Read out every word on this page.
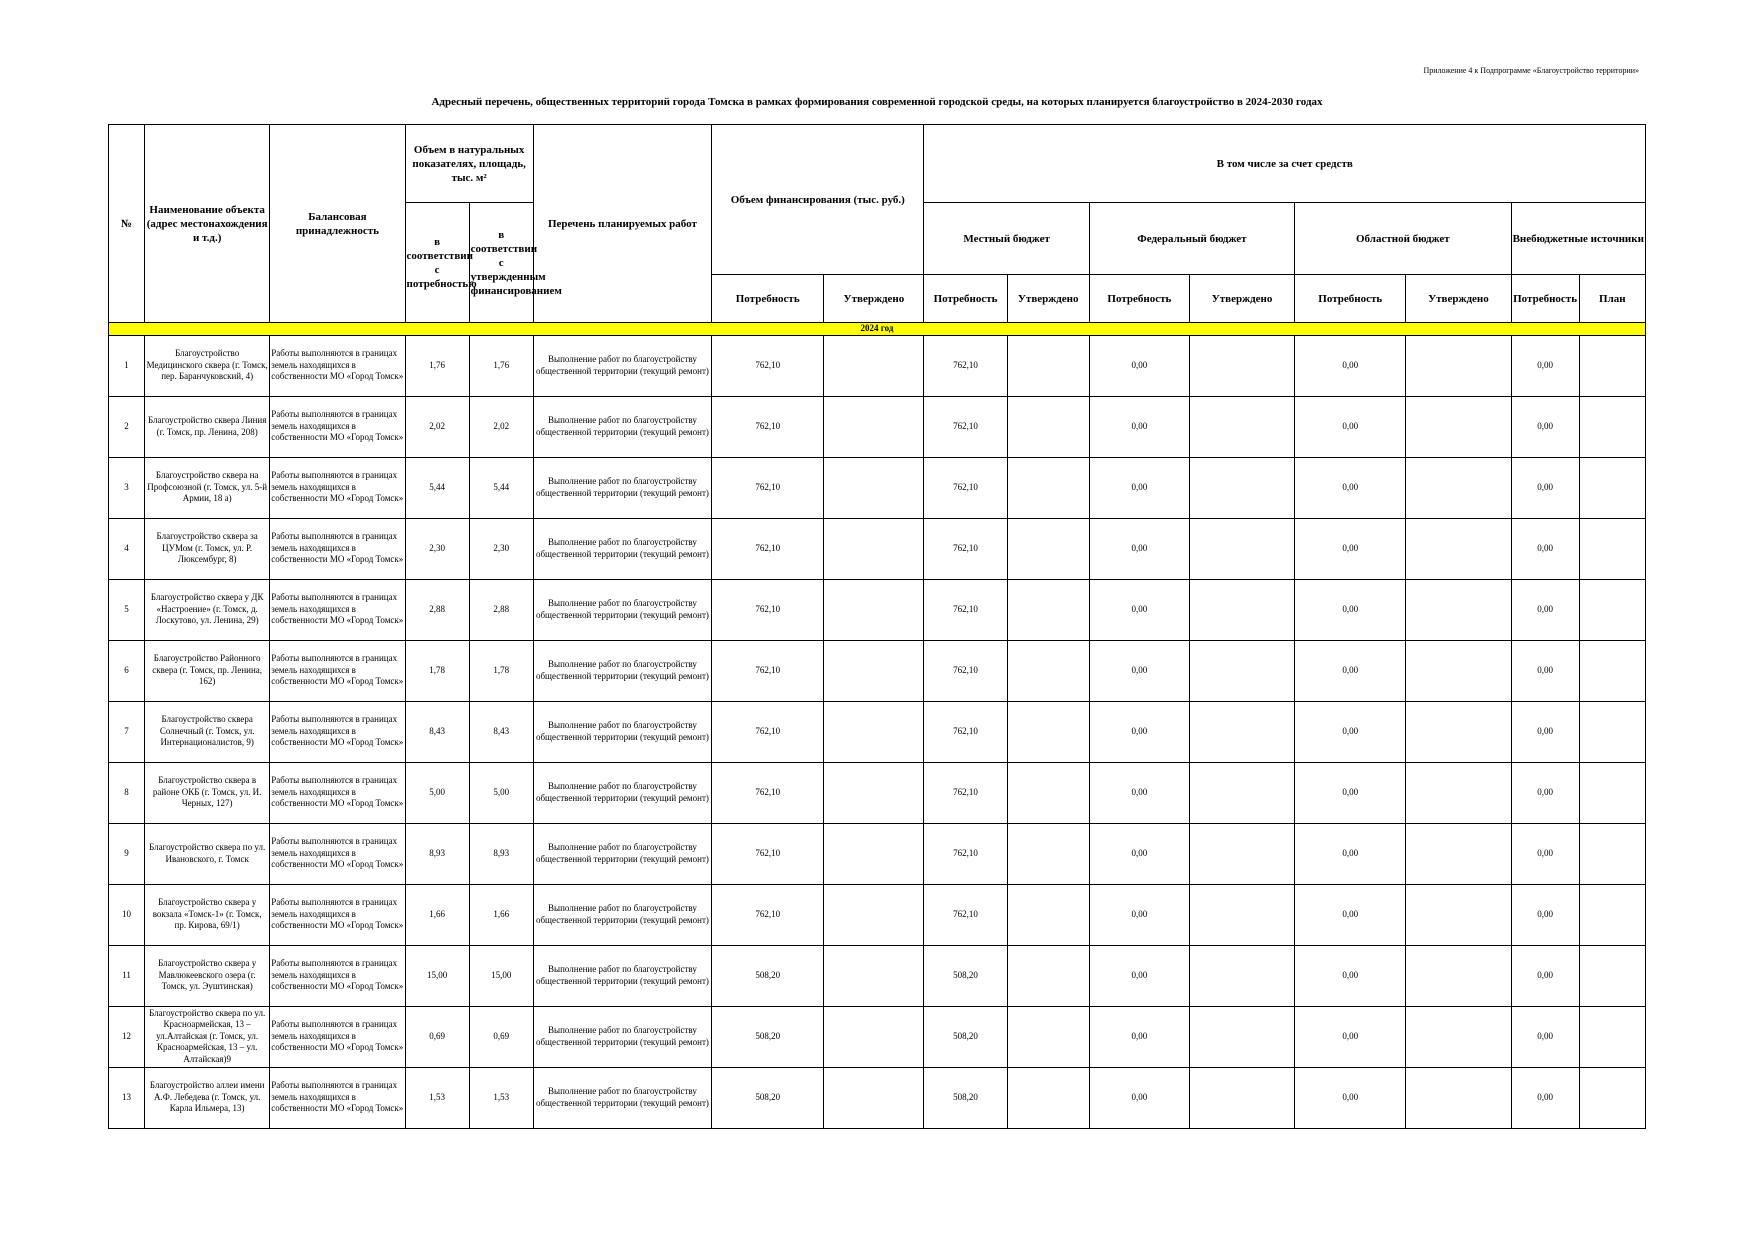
Приложение 4 к Подпрограмме «Благоустройство территории»
Адресный перечень, общественных территорий города Томска в рамках формирования современной городской среды, на которых планируется благоустройство в 2024-2030 годах
№	Наименование объекта (адрес местонахождения и т.д.)	Балансовая принадлежность	Объем в натуральных показателях, площадь, тыс. м²		Перечень планируемых работ	Объем финансирования (тыс. руб.)		В том числе за счет средств							
			в соответствии с потребностью	в соответствии с утвержденным финансированием				Местный бюджет		Федеральный бюджет		Областной бюджет		Внебюджетные источники	
						Потребность	Утверждено	Потребность	Утверждено	Потребность	Утверждено	Потребность	Утверждено	Потребность	План
2024 год															
1	Благоустройство Медицинского сквера (г. Томск, пер. Баранчуковский, 4)	Работы выполняются в границах земель находящихся в собственности МО «Город Томск»	1,76	1,76	Выполнение работ по благоустройству общественной территории (текущий ремонт)	762,10		762,10		0,00		0,00		0,00	
2	Благоустройство сквера Линия (г. Томск, пр. Ленина, 208)	Работы выполняются в границах земель находящихся в собственности МО «Город Томск»	2,02	2,02	Выполнение работ по благоустройству общественной территории (текущий ремонт)	762,10		762,10		0,00		0,00		0,00	
3	Благоустройство сквера на Профсоюзной (г. Томск, ул. 5-й Армии, 18 а)	Работы выполняются в границах земель находящихся в собственности МО «Город Томск»	5,44	5,44	Выполнение работ по благоустройству общественной территории (текущий ремонт)	762,10		762,10		0,00		0,00		0,00	
4	Благоустройство сквера за ЦУМом (г. Томск, ул. Р. Люксембург, 8)	Работы выполняются в границах земель находящихся в собственности МО «Город Томск»	2,30	2,30	Выполнение работ по благоустройству общественной территории (текущий ремонт)	762,10		762,10		0,00		0,00		0,00	
5	Благоустройство сквера у ДК «Настроение» (г. Томск, д. Лоскутово, ул. Ленина, 29)	Работы выполняются в границах земель находящихся в собственности МО «Город Томск»	2,88	2,88	Выполнение работ по благоустройству общественной территории (текущий ремонт)	762,10		762,10		0,00		0,00		0,00	
6	Благоустройство Районного сквера (г. Томск, пр. Ленина, 162)	Работы выполняются в границах земель находящихся в собственности МО «Город Томск»	1,78	1,78	Выполнение работ по благоустройству общественной территории (текущий ремонт)	762,10		762,10		0,00		0,00		0,00	
7	Благоустройство сквера Солнечный (г. Томск, ул. Интернационалистов, 9)	Работы выполняются в границах земель находящихся в собственности МО «Город Томск»	8,43	8,43	Выполнение работ по благоустройству общественной территории (текущий ремонт)	762,10		762,10		0,00		0,00		0,00	
8	Благоустройство сквера в районе ОКБ (г. Томск, ул. И. Черных, 127)	Работы выполняются в границах земель находящихся в собственности МО «Город Томск»	5,00	5,00	Выполнение работ по благоустройству общественной территории (текущий ремонт)	762,10		762,10		0,00		0,00		0,00	
9	Благоустройство сквера по ул. Ивановского, г. Томск	Работы выполняются в границах земель находящихся в собственности МО «Город Томск»	8,93	8,93	Выполнение работ по благоустройству общественной территории (текущий ремонт)	762,10		762,10		0,00		0,00		0,00	
10	Благоустройство сквера у вокзала «Томск-1» (г. Томск, пр. Кирова, 69/1)	Работы выполняются в границах земель находящихся в собственности МО «Город Томск»	1,66	1,66	Выполнение работ по благоустройству общественной территории (текущий ремонт)	762,10		762,10		0,00		0,00		0,00	
11	Благоустройство сквера у Мавлюкеевского озера (г. Томск, ул. Эуштинская)	Работы выполняются в границах земель находящихся в собственности МО «Город Томск»	15,00	15,00	Выполнение работ по благоустройству общественной территории (текущий ремонт)	508,20		508,20		0,00		0,00		0,00	
12	Благоустройство сквера по ул. Красноармейская, 13 – ул.Алтайская (г. Томск, ул. Красноармейская, 13 – ул. Алтайская)9	Работы выполняются в границах земель находящихся в собственности МО «Город Томск»	0,69	0,69	Выполнение работ по благоустройству общественной территории (текущий ремонт)	508,20		508,20		0,00		0,00		0,00	
13	Благоустройство аллеи имени А.Ф. Лебедева (г. Томск, ул. Карла Ильмера, 13)	Работы выполняются в границах земель находящихся в собственности МО «Город Томск»	1,53	1,53	Выполнение работ по благоустройству общественной территории (текущий ремонт)	508,20		508,20		0,00		0,00		0,00	
